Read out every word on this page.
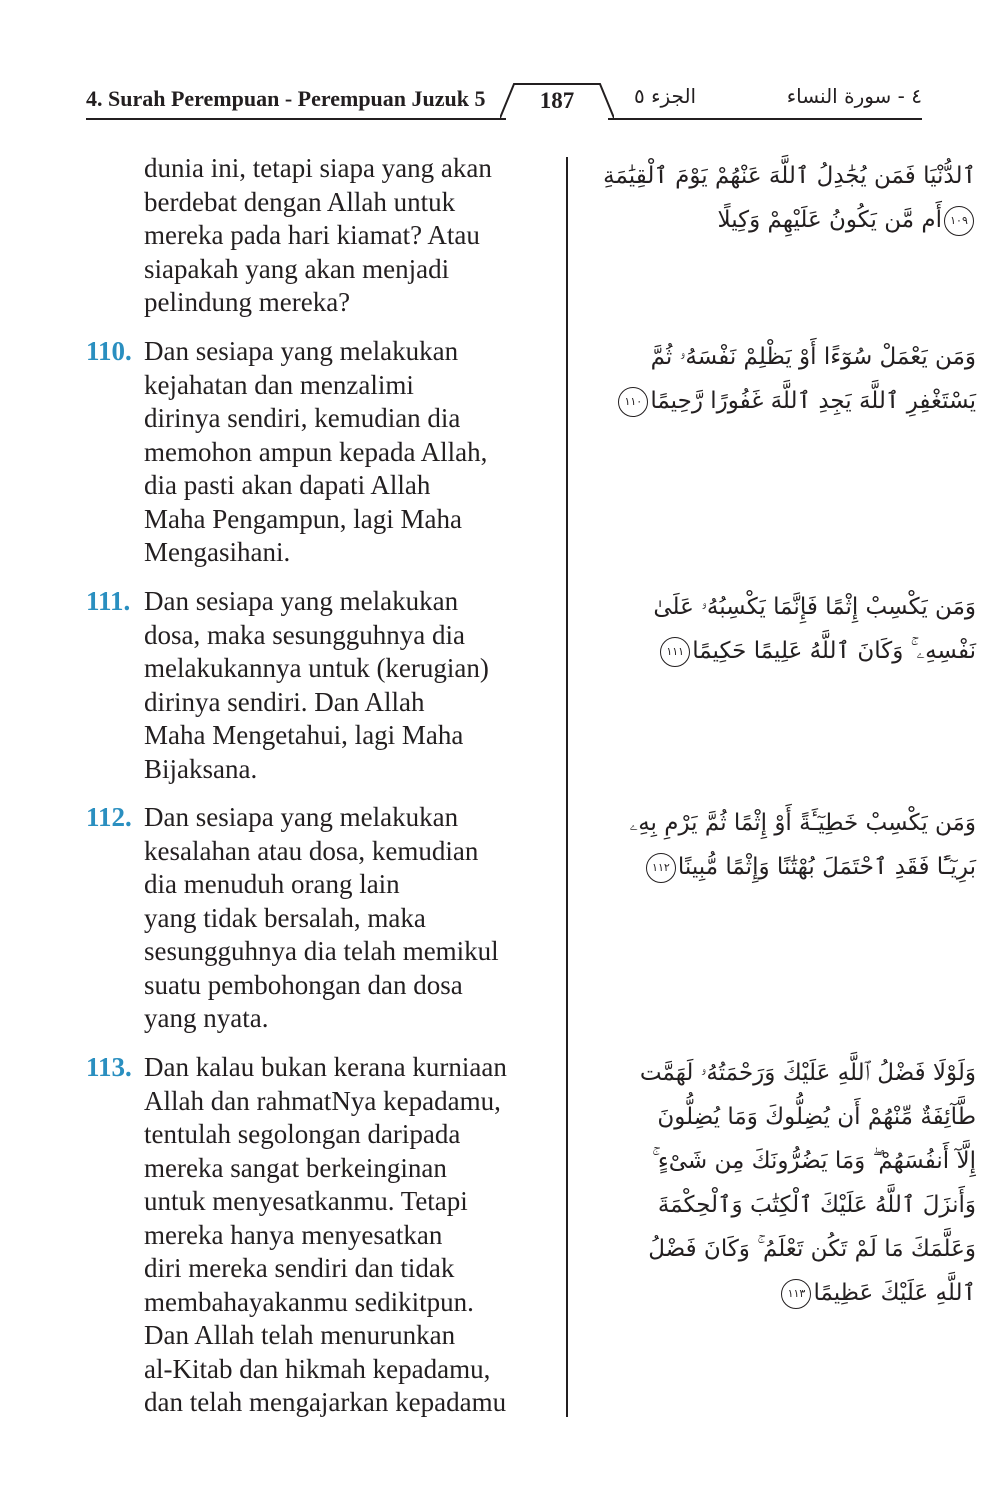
4. Surah Perempuan - Perempuan Juzuk 5	187	الجزء ٥	٤ - سورة النساء
dunia ini, tetapi siapa yang akan
berdebat dengan Allah untuk
mereka pada hari kiamat? Atau
siapakah yang akan menjadi
pelindung mereka?
ٱلدُّنْيَا فَمَن يُجَٰدِلُ ٱللَّهَ عَنْهُمْ يَوْمَ ٱلْقِيَٰمَةِ
١٠٩أَم مَّن يَكُونُ عَلَيْهِمْ وَكِيلًا
110. Dan sesiapa yang melakukan
kejahatan dan menzalimi
dirinya sendiri, kemudian dia
memohon ampun kepada Allah,
dia pasti akan dapati Allah
Maha Pengampun, lagi Maha
Mengasihani.
وَمَن يَعْمَلْ سُوٓءًا أَوْ يَظْلِمْ نَفْسَهُۥ ثُمَّ
يَسْتَغْفِرِ ٱللَّهَ يَجِدِ ٱللَّهَ غَفُورًا رَّحِيمًا١١٠
111. Dan sesiapa yang melakukan
dosa, maka sesungguhnya dia
melakukannya untuk (kerugian)
dirinya sendiri. Dan Allah
Maha Mengetahui, lagi Maha
Bijaksana.
وَمَن يَكْسِبْ إِثْمًا فَإِنَّمَا يَكْسِبُهُۥ عَلَىٰ
نَفْسِهِۦ ۚ وَكَانَ ٱللَّهُ عَلِيمًا حَكِيمًا١١١
112. Dan sesiapa yang melakukan
kesalahan atau dosa, kemudian
dia menuduh orang lain
yang tidak bersalah, maka
sesungguhnya dia telah memikul
suatu pembohongan dan dosa
yang nyata.
وَمَن يَكْسِبْ خَطِيٓـَٔةً أَوْ إِثْمًا ثُمَّ يَرْمِ بِهِۦ
بَرِيٓـًٔا فَقَدِ ٱحْتَمَلَ بُهْتَٰنًا وَإِثْمًا مُّبِينًا١١٢
113. Dan kalau bukan kerana kurniaan
Allah dan rahmatNya kepadamu,
tentulah segolongan daripada
mereka sangat berkeinginan
untuk menyesatkanmu. Tetapi
mereka hanya menyesatkan
diri mereka sendiri dan tidak
membahayakanmu sedikitpun.
Dan Allah telah menurunkan
al-Kitab dan hikmah kepadamu,
dan telah mengajarkan kepadamu
وَلَوْلَا فَضْلُ ٱللَّهِ عَلَيْكَ وَرَحْمَتُهُۥ لَهَمَّت
طَّآئِفَةٌ مِّنْهُمْ أَن يُضِلُّوكَ وَمَا يُضِلُّونَ
إِلَّآ أَنفُسَهُمْ ۖ وَمَا يَضُرُّونَكَ مِن شَىْءٍ ۚ
وَأَنزَلَ ٱللَّهُ عَلَيْكَ ٱلْكِتَٰبَ وَٱلْحِكْمَةَ
وَعَلَّمَكَ مَا لَمْ تَكُن تَعْلَمُ ۚ وَكَانَ فَضْلُ
ٱللَّهِ عَلَيْكَ عَظِيمًا١١٣
